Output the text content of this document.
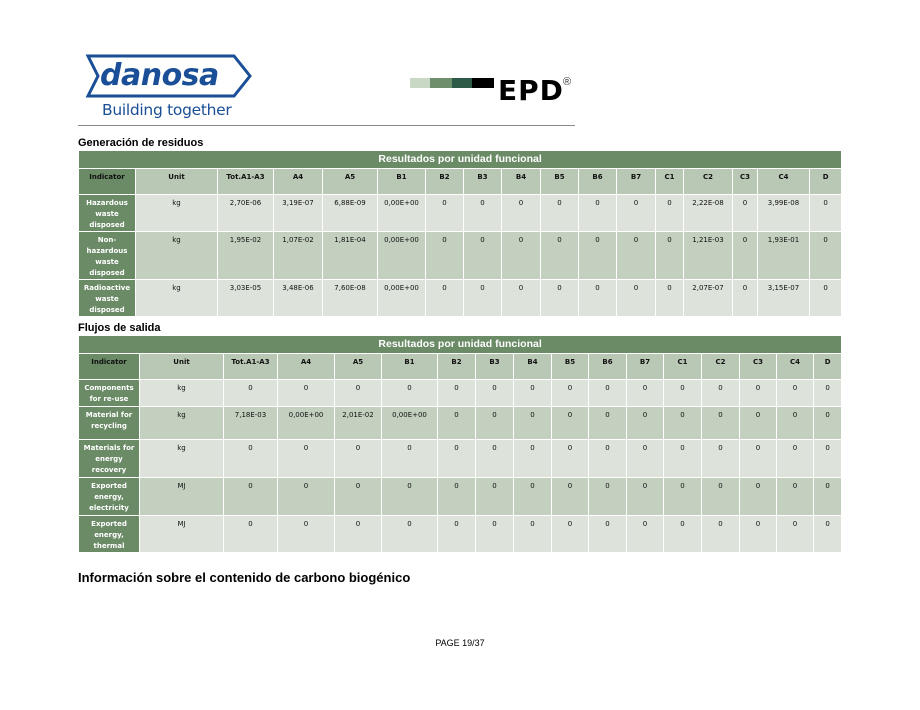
danosa
Building together
EPD ®
Generación de residuos
Resultados por unidad funcional																
Indicator	Unit	Tot.A1-A3	A4	A5	B1	B2	B3	B4	B5	B6	B7	C1	C2	C3	C4	D
Hazardous waste disposed	kg	2,70E-06	3,19E-07	6,88E-09	0,00E+00	0	0	0	0	0	0	0	2,22E-08	0	3,99E-08	0
Non-hazardous waste disposed	kg	1,95E-02	1,07E-02	1,81E-04	0,00E+00	0	0	0	0	0	0	0	1,21E-03	0	1,93E-01	0
Radioactive waste disposed	kg	3,03E-05	3,48E-06	7,60E-08	0,00E+00	0	0	0	0	0	0	0	2,07E-07	0	3,15E-07	0
Flujos de salida
Resultados por unidad funcional																
Indicator	Unit	Tot.A1-A3	A4	A5	B1	B2	B3	B4	B5	B6	B7	C1	C2	C3	C4	D
Components for re-use	kg	0	0	0	0	0	0	0	0	0	0	0	0	0	0	0
Material for recycling	kg	7,18E-03	0,00E+00	2,01E-02	0,00E+00	0	0	0	0	0	0	0	0	0	0	0
Materials for energy recovery	kg	0	0	0	0	0	0	0	0	0	0	0	0	0	0	0
Exported energy, electricity	MJ	0	0	0	0	0	0	0	0	0	0	0	0	0	0	0
Exported energy, thermal	MJ	0	0	0	0	0	0	0	0	0	0	0	0	0	0	0
Información sobre el contenido de carbono biogénico
PAGE 19/37
